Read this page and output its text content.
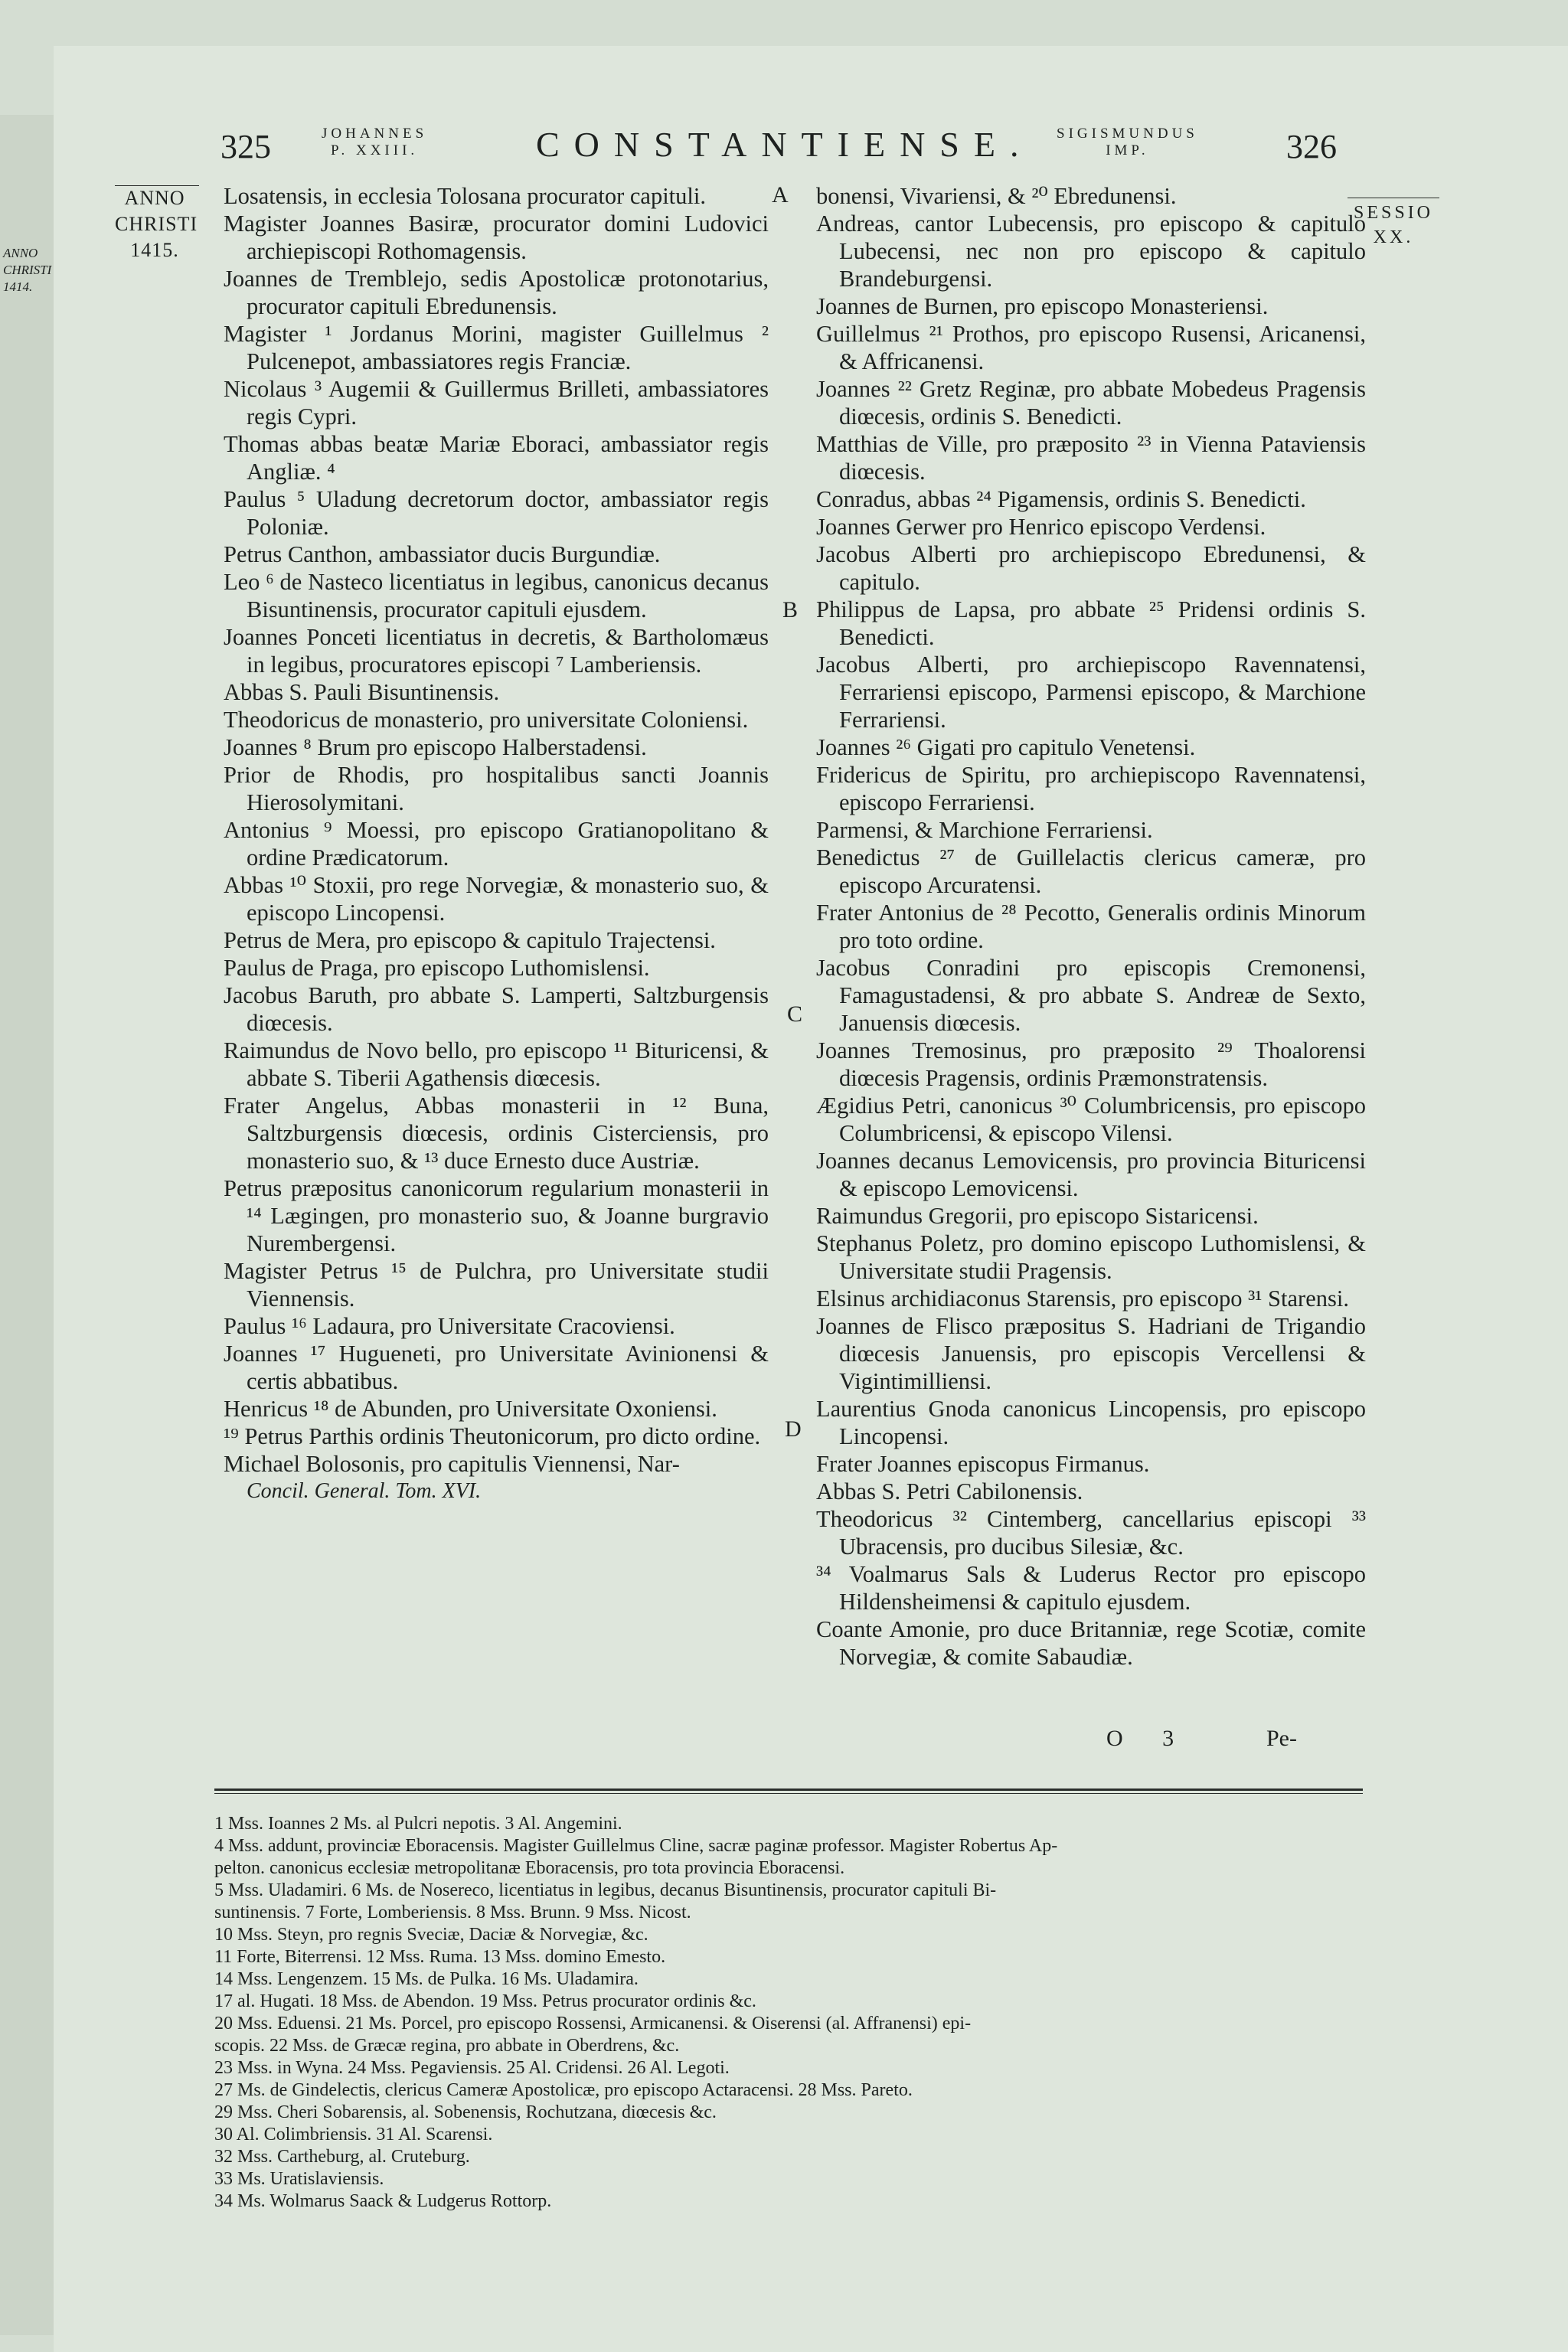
ANNO
CHRISTI
1414.
325	JOHANNES
P. XXIII.	CONSTANTIENSE. SIGISMUNDUS
IMP.	326
ANNO
CHRISTI
1415.
SESSIO
XX.
A
B
C
D
Losatensis, in ecclesia Tolosana procurator capituli.
Magister Joannes Basiræ, procurator domini Ludovici archiepiscopi Rothomagensis.
Joannes de Tremblejo, sedis Apostolicæ protonotarius, procurator capituli Ebredunensis.
Magister ¹ Jordanus Morini, magister Guillelmus ² Pulcenepot, ambassiatores regis Franciæ.
Nicolaus ³ Augemii & Guillermus Brilleti, ambassiatores regis Cypri.
Thomas abbas beatæ Mariæ Eboraci, ambassiator regis Angliæ. ⁴
Paulus ⁵ Uladung decretorum doctor, ambassiator regis Poloniæ.
Petrus Canthon, ambassiator ducis Burgundiæ.
Leo ⁶ de Nasteco licentiatus in legibus, canonicus decanus Bisuntinensis, procurator capituli ejusdem.
Joannes Ponceti licentiatus in decretis, & Bartholomæus in legibus, procuratores episcopi ⁷ Lamberiensis.
Abbas S. Pauli Bisuntinensis.
Theodoricus de monasterio, pro universitate Coloniensi.
Joannes ⁸ Brum pro episcopo Halberstadensi.
Prior de Rhodis, pro hospitalibus sancti Joannis Hierosolymitani.
Antonius ⁹ Moessi, pro episcopo Gratianopolitano & ordine Prædicatorum.
Abbas ¹⁰ Stoxii, pro rege Norvegiæ, & monasterio suo, & episcopo Lincopensi.
Petrus de Mera, pro episcopo & capitulo Trajectensi.
Paulus de Praga, pro episcopo Luthomislensi.
Jacobus Baruth, pro abbate S. Lamperti, Saltzburgensis diœcesis.
Raimundus de Novo bello, pro episcopo ¹¹ Bituricensi, & abbate S. Tiberii Agathensis diœcesis.
Frater Angelus, Abbas monasterii in ¹² Buna, Saltzburgensis diœcesis, ordinis Cisterciensis, pro monasterio suo, & ¹³ duce Ernesto duce Austriæ.
Petrus præpositus canonicorum regularium monasterii in ¹⁴ Lægingen, pro monasterio suo, & Joanne burgravio Nurembergensi.
Magister Petrus ¹⁵ de Pulchra, pro Universitate studii Viennensis.
Paulus ¹⁶ Ladaura, pro Universitate Cracoviensi.
Joannes ¹⁷ Hugueneti, pro Universitate Avinionensi & certis abbatibus.
Henricus ¹⁸ de Abunden, pro Universitate Oxoniensi.
¹⁹ Petrus Parthis ordinis Theutonicorum, pro dicto ordine.
Michael Bolosonis, pro capitulis Viennensi, Nar-
Concil. General. Tom. XVI.
bonensi, Vivariensi, & ²⁰ Ebredunensi.
Andreas, cantor Lubecensis, pro episcopo & capitulo Lubecensi, nec non pro episcopo & capitulo Brandeburgensi.
Joannes de Burnen, pro episcopo Monasteriensi.
Guillelmus ²¹ Prothos, pro episcopo Rusensi, Aricanensi, & Affricanensi.
Joannes ²² Gretz Reginæ, pro abbate Mobedeus Pragensis diœcesis, ordinis S. Benedicti.
Matthias de Ville, pro præposito ²³ in Vienna Pataviensis diœcesis.
Conradus, abbas ²⁴ Pigamensis, ordinis S. Benedicti.
Joannes Gerwer pro Henrico episcopo Verdensi.
Jacobus Alberti pro archiepiscopo Ebredunensi, & capitulo.
Philippus de Lapsa, pro abbate ²⁵ Pridensi ordinis S. Benedicti.
Jacobus Alberti, pro archiepiscopo Ravennatensi, Ferrariensi episcopo, Parmensi episcopo, & Marchione Ferrariensi.
Joannes ²⁶ Gigati pro capitulo Venetensi.
Fridericus de Spiritu, pro archiepiscopo Ravennatensi, episcopo Ferrariensi.
Parmensi, & Marchione Ferrariensi.
Benedictus ²⁷ de Guillelactis clericus cameræ, pro episcopo Arcuratensi.
Frater Antonius de ²⁸ Pecotto, Generalis ordinis Minorum pro toto ordine.
Jacobus Conradini pro episcopis Cremonensi, Famagustadensi, & pro abbate S. Andreæ de Sexto, Januensis diœcesis.
Joannes Tremosinus, pro præposito ²⁹ Thoalorensi diœcesis Pragensis, ordinis Præmonstratensis.
Ægidius Petri, canonicus ³⁰ Columbricensis, pro episcopo Columbricensi, & episcopo Vilensi.
Joannes decanus Lemovicensis, pro provincia Bituricensi & episcopo Lemovicensi.
Raimundus Gregorii, pro episcopo Sistaricensi.
Stephanus Poletz, pro domino episcopo Luthomislensi, & Universitate studii Pragensis.
Elsinus archidiaconus Starensis, pro episcopo ³¹ Starensi.
Joannes de Flisco præpositus S. Hadriani de Trigandio diœcesis Januensis, pro episcopis Vercellensi & Vigintimilliensi.
Laurentius Gnoda canonicus Lincopensis, pro episcopo Lincopensi.
Frater Joannes episcopus Firmanus.
Abbas S. Petri Cabilonensis.
Theodoricus ³² Cintemberg, cancellarius episcopi ³³ Ubracensis, pro ducibus Silesiæ, &c.
³⁴ Voalmarus Sals & Luderus Rector pro episcopo Hildensheimensi & capitulo ejusdem.
Coante Amonie, pro duce Britanniæ, rege Scotiæ, comite Norvegiæ, & comite Sabaudiæ.
O 3	Pe-
1 Mss. Ioannes 2 Ms. al Pulcri nepotis. 3 Al. Angemini.
4 Mss. addunt, provinciæ Eboracensis. Magister Guillelmus Cline, sacræ paginæ professor. Magister Robertus Ap-
pelton. canonicus ecclesiæ metropolitanæ Eboracensis, pro tota provincia Eboracensi.
5 Mss. Uladamiri. 6 Ms. de Nosereco, licentiatus in legibus, decanus Bisuntinensis, procurator capituli Bi-
suntinensis. 7 Forte, Lomberiensis. 8 Mss. Brunn. 9 Mss. Nicost.
10 Mss. Steyn, pro regnis Sveciæ, Daciæ & Norvegiæ, &c.
11 Forte, Biterrensi. 12 Mss. Ruma. 13 Mss. domino Emesto.
14 Mss. Lengenzem. 15 Ms. de Pulka. 16 Ms. Uladamira.
17 al. Hugati. 18 Mss. de Abendon. 19 Mss. Petrus procurator ordinis &c.
20 Mss. Eduensi. 21 Ms. Porcel, pro episcopo Rossensi, Armicanensi. & Oiserensi (al. Affranensi) epi-
scopis. 22 Mss. de Græcæ regina, pro abbate in Oberdrens, &c.
23 Mss. in Wyna. 24 Mss. Pegaviensis. 25 Al. Cridensi. 26 Al. Legoti.
27 Ms. de Gindelectis, clericus Cameræ Apostolicæ, pro episcopo Actaracensi. 28 Mss. Pareto.
29 Mss. Cheri Sobarensis, al. Sobenensis, Rochutzana, diœcesis &c.
30 Al. Colimbriensis. 31 Al. Scarensi.
32 Mss. Cartheburg, al. Cruteburg.
33 Ms. Uratislaviensis.
34 Ms. Wolmarus Saack & Ludgerus Rottorp.
